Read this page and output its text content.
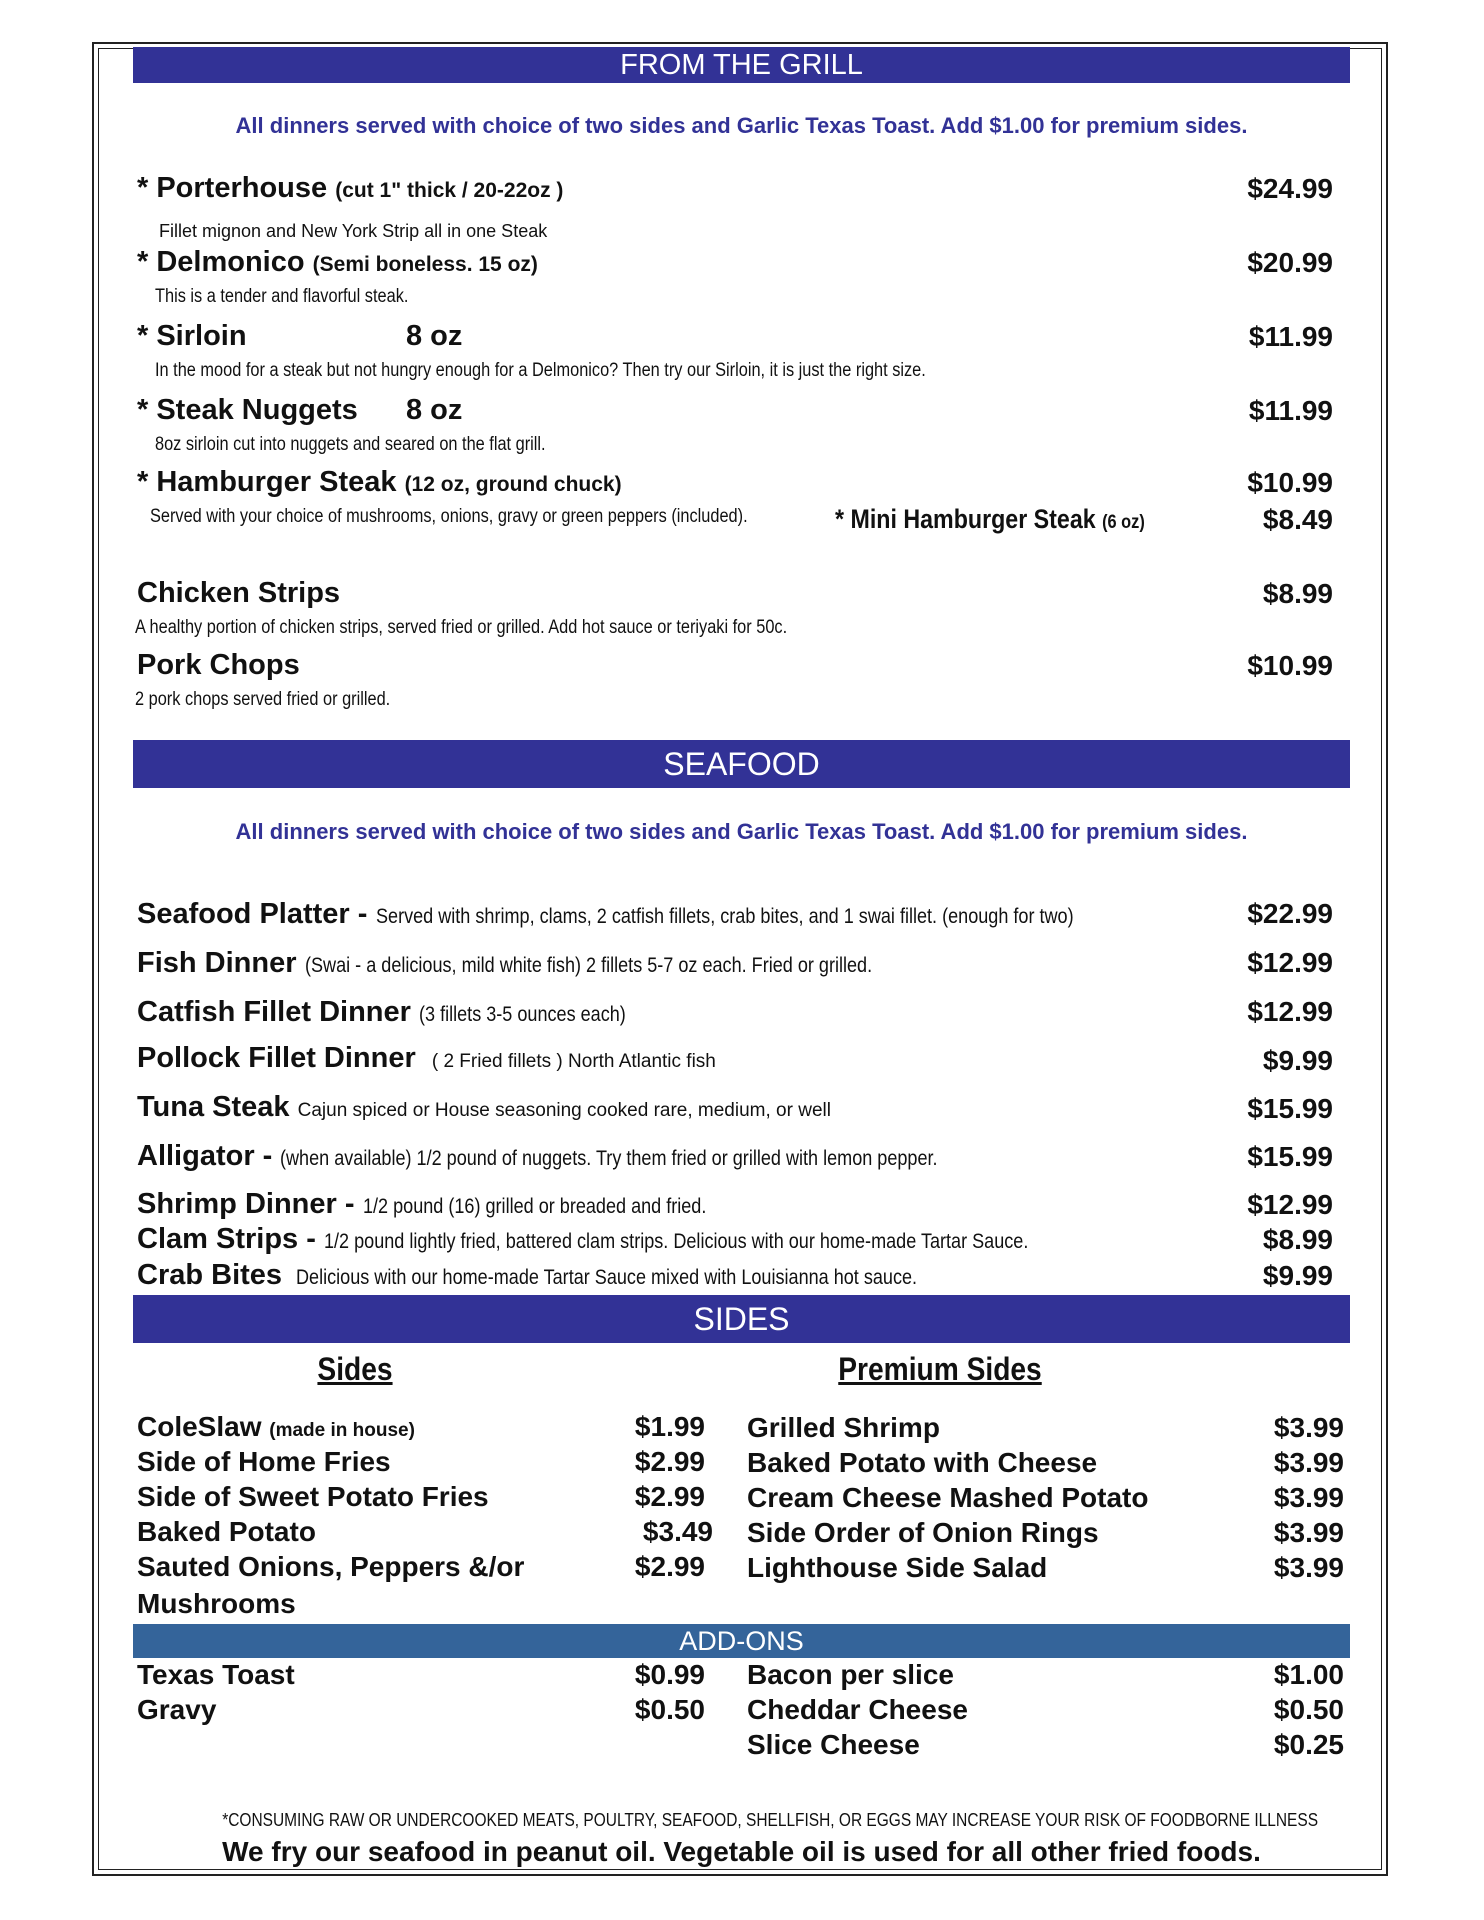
FROM THE GRILL
All dinners served with choice of two sides and Garlic Texas Toast. Add $1.00 for premium sides.
* Porterhouse (cut 1" thick / 20-22oz )	$24.99
Fillet mignon and New York Strip all in one Steak
* Delmonico (Semi boneless. 15 oz)	$20.99
This is a tender and flavorful steak.
* Sirloin	8 oz	$11.99
In the mood for a steak but not hungry enough for a Delmonico? Then try our Sirloin, it is just the right size.
* Steak Nuggets 8 oz	$11.99
8oz sirloin cut into nuggets and seared on the flat grill.
* Hamburger Steak (12 oz, ground chuck)	$10.99
Served with your choice of mushrooms, onions, gravy or green peppers (included).	* Mini Hamburger Steak (6 oz)	$8.49
Chicken Strips	$8.99
A healthy portion of chicken strips, served fried or grilled. Add hot sauce or teriyaki for 50c.
Pork Chops	$10.99
2 pork chops served fried or grilled.
SEAFOOD
All dinners served with choice of two sides and Garlic Texas Toast. Add $1.00 for premium sides.
Seafood Platter - Served with shrimp, clams, 2 catfish fillets, crab bites, and 1 swai fillet. (enough for two)	$22.99
Fish Dinner (Swai - a delicious, mild white fish) 2 fillets 5-7 oz each. Fried or grilled.	$12.99
Catfish Fillet Dinner (3 fillets 3-5 ounces each)	$12.99
Pollock Fillet Dinner ( 2 Fried fillets ) North Atlantic fish	$9.99
Tuna Steak Cajun spiced or House seasoning cooked rare, medium, or well	$15.99
Alligator - (when available) 1/2 pound of nuggets. Try them fried or grilled with lemon pepper.	$15.99
Shrimp Dinner - 1/2 pound (16) grilled or breaded and fried.	$12.99
Clam Strips - 1/2 pound lightly fried, battered clam strips. Delicious with our home-made Tartar Sauce.	$8.99
Crab Bites Delicious with our home-made Tartar Sauce mixed with Louisianna hot sauce.	$9.99
SIDES
Sides	Premium Sides
ColeSlaw (made in house)	$1.99
Side of Home Fries	$2.99
Side of Sweet Potato Fries	$2.99
Baked Potato	$3.49
Sauted Onions, Peppers &/or	$2.99
Mushrooms
Grilled Shrimp	$3.99
Baked Potato with Cheese	$3.99
Cream Cheese Mashed Potato	$3.99
Side Order of Onion Rings	$3.99
Lighthouse Side Salad	$3.99
ADD-ONS
Texas Toast	$0.99
Gravy	$0.50
Bacon per slice	$1.00
Cheddar Cheese	$0.50
Slice Cheese	$0.25
*CONSUMING RAW OR UNDERCOOKED MEATS, POULTRY, SEAFOOD, SHELLFISH, OR EGGS MAY INCREASE YOUR RISK OF FOODBORNE ILLNESS
We fry our seafood in peanut oil. Vegetable oil is used for all other fried foods.
